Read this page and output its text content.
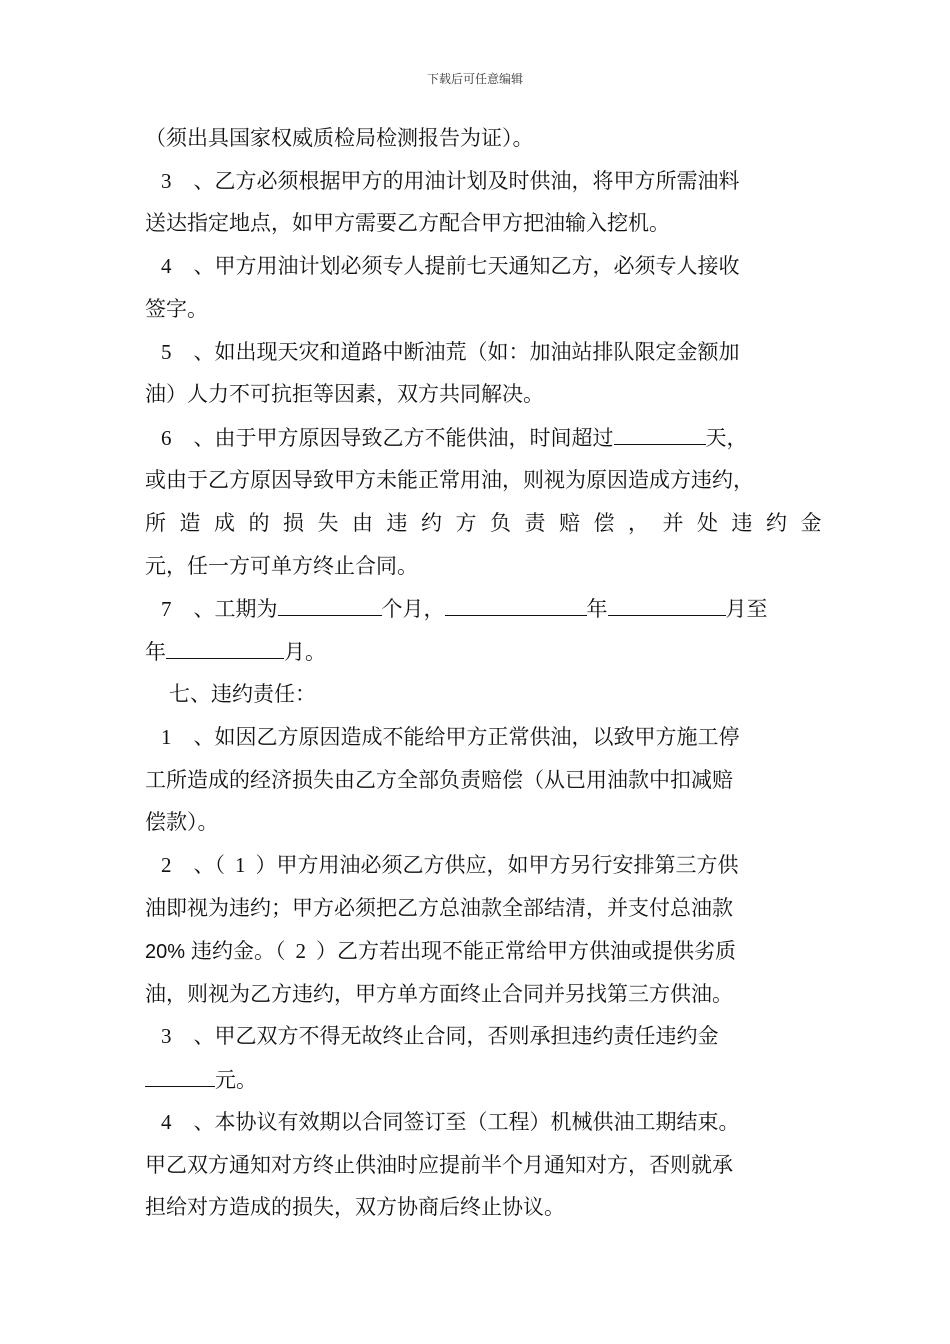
下载后可任意编辑
（须出具国家权威质检局检测报告为证）。
3 、乙方必须根据甲方的用油计划及时供油，将甲方所需油料
送达指定地点，如甲方需要乙方配合甲方把油输入挖机。
4 、甲方用油计划必须专人提前七天通知乙方，必须专人接收
签字。
5 、如出现天灾和道路中断油荒（如：加油站排队限定金额加
油）人力不可抗拒等因素，双方共同解决。
6 、由于甲方原因导致乙方不能供油，时间超过	天，
或由于乙方原因导致甲方未能正常用油，则视为原因造成方违约，
所造成的损失由违约方负责赔偿，并处违约金
元，任一方可单方终止合同。
7 、工期为	个月，	年	月至
年	月。
七、违约责任：
1 、如因乙方原因造成不能给甲方正常供油，以致甲方施工停
工所造成的经济损失由乙方全部负责赔偿（从已用油款中扣减赔
偿款）。
2 、（ 1 ）甲方用油必须乙方供应，如甲方另行安排第三方供
油即视为违约；甲方必须把乙方总油款全部结清，并支付总油款
20% 违约金。（ 2 ）乙方若出现不能正常给甲方供油或提供劣质
油，则视为乙方违约，甲方单方面终止合同并另找第三方供油。
3 、甲乙双方不得无故终止合同，否则承担违约责任违约金
元。
4 、本协议有效期以合同签订至（工程）机械供油工期结束。
甲乙双方通知对方终止供油时应提前半个月通知对方，否则就承
担给对方造成的损失，双方协商后终止协议。
